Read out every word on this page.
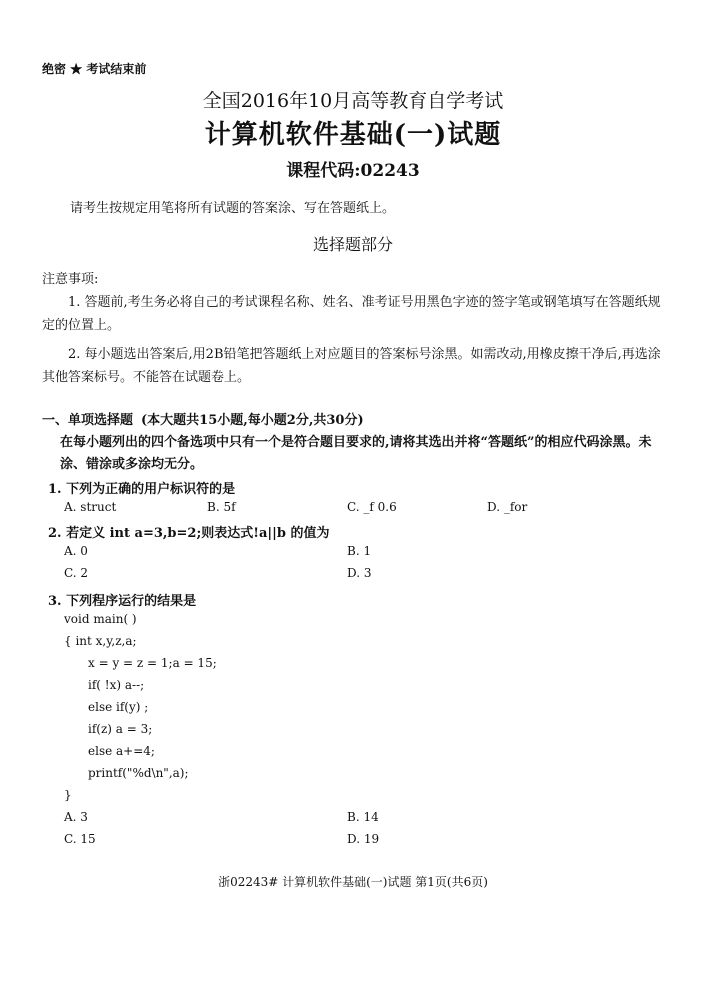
绝密 ★ 考试结束前
全国2016年10月高等教育自学考试
计算机软件基础(一)试题
课程代码:02243
请考生按规定用笔将所有试题的答案涂、写在答题纸上。
选择题部分
注意事项:
1. 答题前,考生务必将自己的考试课程名称、姓名、准考证号用黑色字迹的签字笔或钢笔填写在答题纸规定的位置上。
2. 每小题选出答案后,用2B铅笔把答题纸上对应题目的答案标号涂黑。如需改动,用橡皮擦干净后,再选涂其他答案标号。不能答在试题卷上。
一、单项选择题 (本大题共15小题,每小题2分,共30分)
在每小题列出的四个备选项中只有一个是符合题目要求的,请将其选出并将“答题纸”的相应代码涂黑。未涂、错涂或多涂均无分。
1. 下列为正确的用户标识符的是
A. struct	B. 5f	C. _f 0.6	D. _for
2. 若定义 int a=3,b=2;则表达式!a||b 的值为
A. 0	B. 1
C. 2	D. 3
3. 下列程序运行的结果是
void main( )
{ int x,y,z,a;
x = y = z = 1;a = 15;
if( !x) a--;
else if(y) ;
if(z) a = 3;
else a+=4;
printf("%d\n",a);
}
A. 3	B. 14
C. 15	D. 19
浙02243# 计算机软件基础(一)试题 第1页(共6页)
